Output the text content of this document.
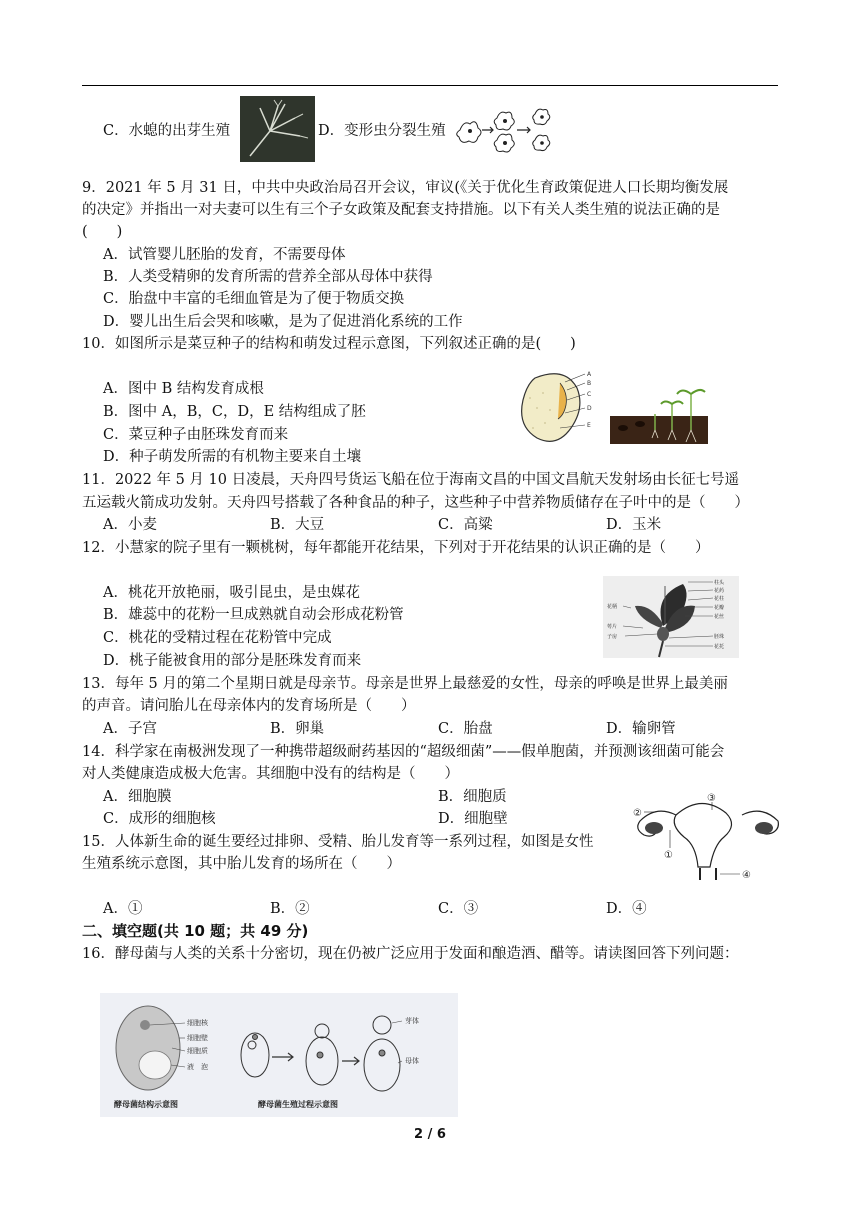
C．水螅的出芽生殖	D．变形虫分裂生殖
9．2021 年 5 月 31 日，中共中央政治局召开会议，审议(《关于优化生育政策促进人口长期均衡发展
的决定》并指出一对夫妻可以生有三个子女政策及配套支持措施。以下有关人类生殖的说法正确的是
(　　)
A．试管婴儿胚胎的发育，不需要母体
B．人类受精卵的发育所需的营养全部从母体中获得
C．胎盘中丰富的毛细血管是为了便于物质交换
D．婴儿出生后会哭和咳嗽，是为了促进消化系统的工作
10．如图所示是菜豆种子的结构和萌发过程示意图，下列叙述正确的是(　　)
A．图中 B 结构发育成根
B．图中 A，B，C，D，E 结构组成了胚
C．菜豆种子由胚珠发育而来
D．种子萌发所需的有机物主要来自土壤
A
B
C
D
E
11．2022 年 5 月 10 日凌晨，天舟四号货运飞船在位于海南文昌的中国文昌航天发射场由长征七号遥
五运载火箭成功发射。天舟四号搭载了各种食品的种子，这些种子中营养物质储存在子叶中的是（　　）
A．小麦	B．大豆	C．高粱	D．玉米
12．小慧家的院子里有一颗桃树，每年都能开花结果，下列对于开花结果的认识正确的是（　　）
A．桃花开放艳丽，吸引昆虫，是虫媒花
B．雄蕊中的花粉一旦成熟就自动会形成花粉管
C．桃花的受精过程在花粉管中完成
D．桃子能被食用的部分是胚珠发育而来
柱头
花药
花柱
花瓣
花丝
萼片
子房	胚珠
花托
花柄
13．每年 5 月的第二个星期日就是母亲节。母亲是世界上最慈爱的女性，母亲的呼唤是世界上最美丽
的声音。请问胎儿在母亲体内的发育场所是（　　）
A．子宫	B．卵巢	C．胎盘	D．输卵管
14．科学家在南极洲发现了一种携带超级耐药基因的“超级细菌”——假单胞菌，并预测该细菌可能会
对人类健康造成极大危害。其细胞中没有的结构是（　　）
A．细胞膜	B．细胞质
C．成形的细胞核	D．细胞壁
15．人体新生命的诞生要经过排卵、受精、胎儿发育等一系列过程，如图是女性
生殖系统示意图，其中胎儿发育的场所在（　　）
①
②
③
④
A．①	B．②	C．③	D．④
二、填空题(共 10 题；共 49 分)
16．酵母菌与人类的关系十分密切，现在仍被广泛应用于发面和酿造酒、醋等。请读图回答下列问题：
细胞核
细胞壁
细胞质
液　泡
芽体
母体
酵母菌结构示意图	酵母菌生殖过程示意图
2 / 6
